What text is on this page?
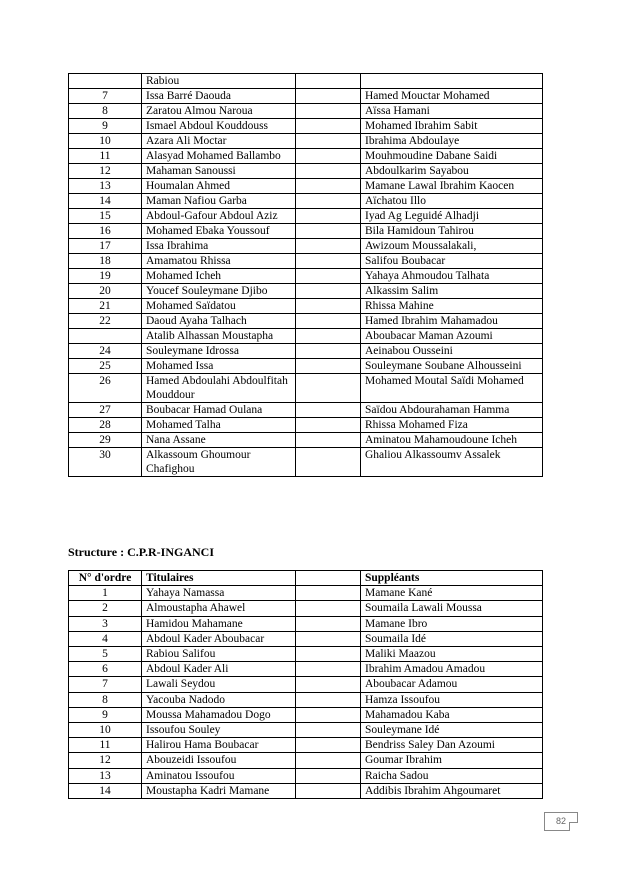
	Rabiou		
7	Issa Barré Daouda		Hamed Mouctar Mohamed
8	Zaratou Almou Naroua		Aïssa Hamani
9	Ismael Abdoul Kouddouss		Mohamed Ibrahim Sabit
10	Azara Ali Moctar		Ibrahima Abdoulaye
11	Alasyad Mohamed Ballambo		Mouhmoudine Dabane Saidi
12	Mahaman Sanoussi		Abdoulkarim Sayabou
13	Houmalan Ahmed		Mamane Lawal Ibrahim Kaocen
14	Maman Nafiou Garba		Aïchatou Illo
15	Abdoul-Gafour Abdoul Aziz		Iyad Ag Leguidé Alhadji
16	Mohamed Ebaka Youssouf		Bila Hamidoun Tahirou
17	Issa Ibrahima		Awizoum Moussalakali,
18	Amamatou Rhissa		Salifou Boubacar
19	Mohamed Icheh		Yahaya Ahmoudou Talhata
20	Youcef Souleymane Djibo		Alkassim Salim
21	Mohamed Saïdatou		Rhissa Mahine
22	Daoud Ayaha Talhach		Hamed Ibrahim Mahamadou
	Atalib Alhassan Moustapha		Aboubacar Maman Azoumi
24	Souleymane Idrossa		Aeinabou Ousseini
25	Mohamed Issa		Souleymane Soubane Alhousseini
26	Hamed Abdoulahi Abdoulfitah Mouddour		Mohamed Moutal Saïdi Mohamed
27	Boubacar Hamad Oulana		Saïdou Abdourahaman Hamma
28	Mohamed Talha		Rhissa Mohamed Fiza
29	Nana Assane		Aminatou Mahamoudoune Icheh
30	Alkassoum Ghoumour Chafighou		Ghaliou Alkassoumv Assalek
Structure : C.P.R-INGANCI
N° d'ordre	Titulaires		Suppléants
1	Yahaya Namassa		Mamane Kané
2	Almoustapha Ahawel		Soumaila Lawali Moussa
3	Hamidou Mahamane		Mamane Ibro
4	Abdoul Kader Aboubacar		Soumaila Idé
5	Rabiou Salifou		Maliki Maazou
6	Abdoul Kader Ali		Ibrahim Amadou Amadou
7	Lawali Seydou		Aboubacar Adamou
8	Yacouba Nadodo		Hamza Issoufou
9	Moussa Mahamadou Dogo		Mahamadou Kaba
10	Issoufou Souley		Souleymane Idé
11	Halirou Hama Boubacar		Bendriss Saley Dan Azoumi
12	Abouzeidi Issoufou		Goumar Ibrahim
13	Aminatou Issoufou		Raicha Sadou
14	Moustapha Kadri Mamane		Addibis Ibrahim Ahgoumaret
82
